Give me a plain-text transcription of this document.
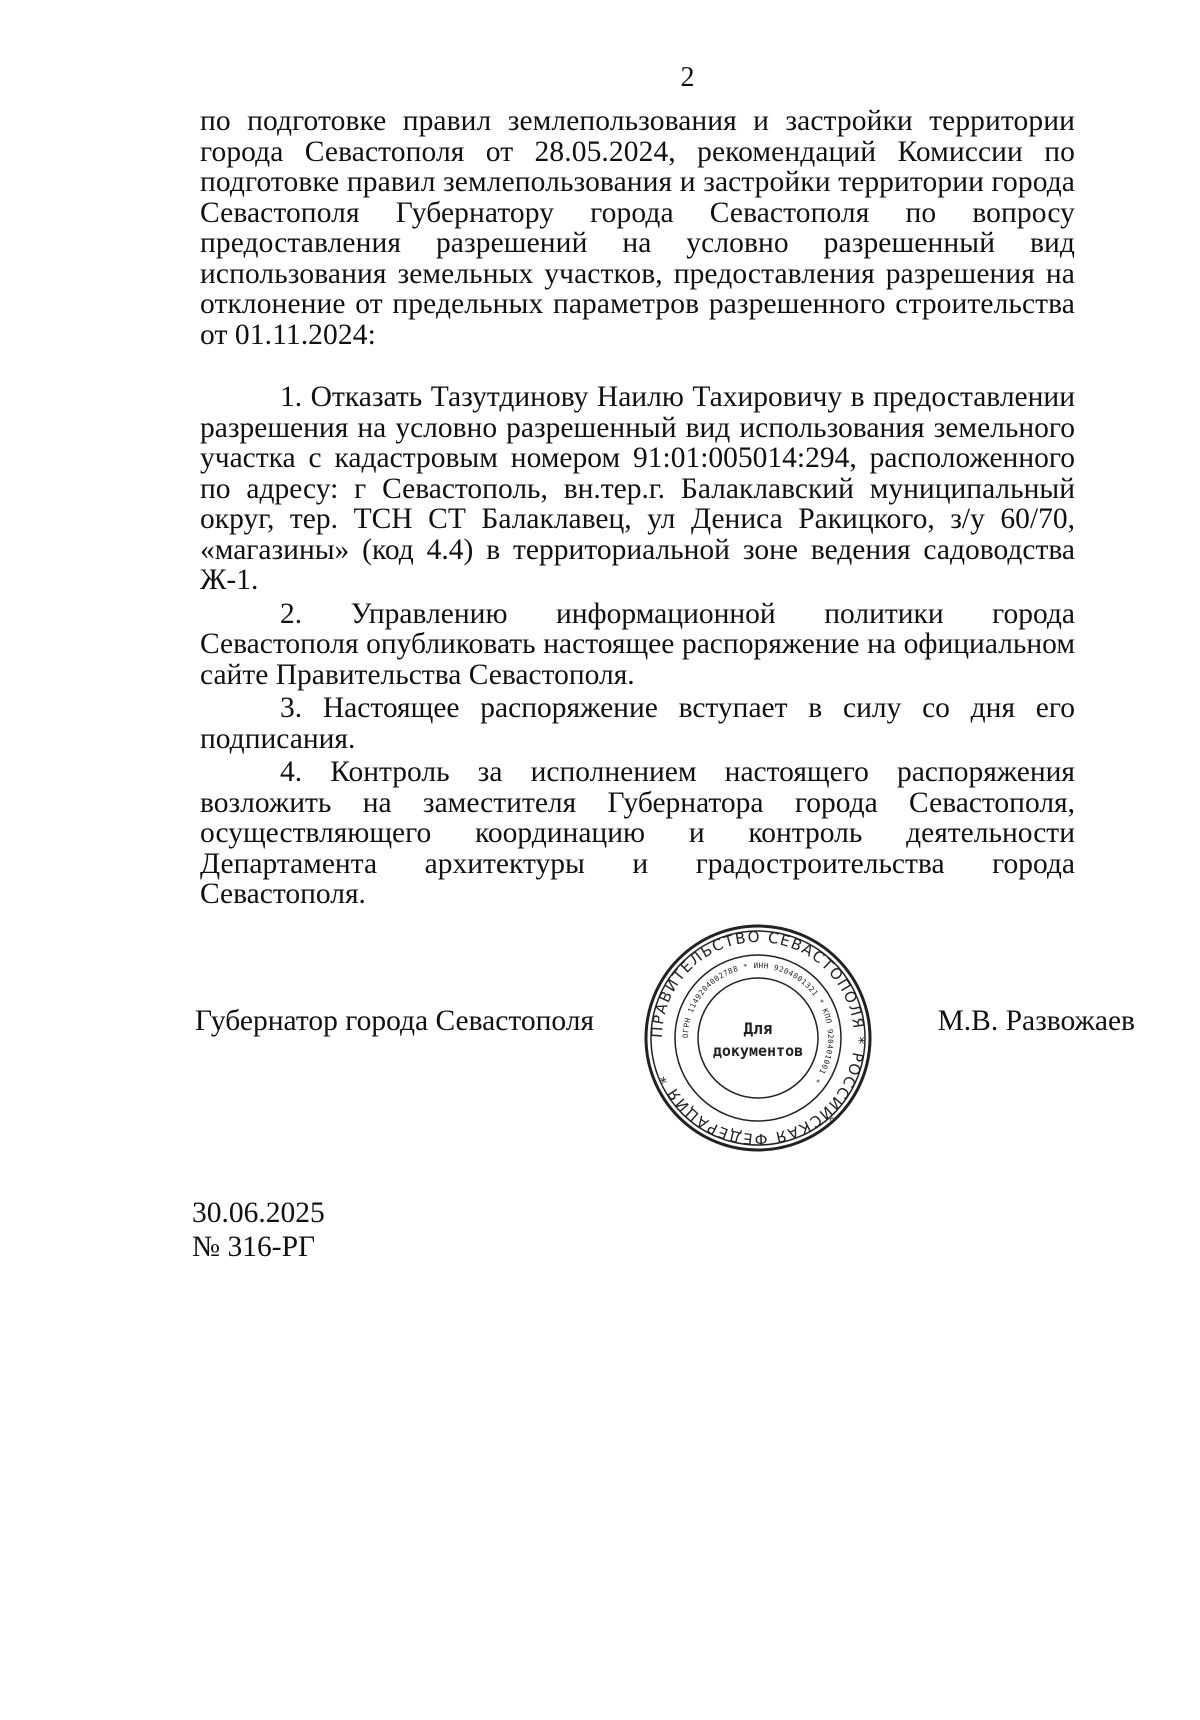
2

по подготовке правил землепользования и застройки территории города Севастополя от 28.05.2024, рекомендаций Комиссии по подготовке правил землепользования и застройки территории города Севастополя Губернатору города Севастополя по вопросу предоставления разрешений на условно разрешенный вид использования земельных участков, предоставления разрешения на отклонение от предельных параметров разрешенного строительства от 01.11.2024:

1. Отказать Тазутдинову Наилю Тахировичу в предоставлении разрешения на условно разрешенный вид использования земельного участка с кадастровым номером 91:01:005014:294, расположенного по адресу: г Севастополь, вн.тер.г. Балаклавский муниципальный округ, тер. ТСН СТ Балаклавец, ул Дениса Ракицкого, з/у 60/70, «магазины» (код 4.4) в территориальной зоне ведения садоводства Ж-1.

2. Управлению информационной политики города Севастополя опубликовать настоящее распоряжение на официальном сайте Правительства Севастополя.

3. Настоящее распоряжение вступает в силу со дня его подписания.

4. Контроль за исполнением настоящего распоряжения возложить на заместителя Губернатора города Севастополя, осуществляющего координацию и контроль деятельности Департамента архитектуры и градостроительства города Севастополя.

Губернатор города Севастополя	М.В. Развожаев
ПРАВИТЕЛЬСТВО СЕВАСТОПОЛЯ * РОССИЙСКАЯ ФЕДЕРАЦИЯ *
ОГРН 1149204002788 * ИНН 9204001321 * КПП 920401001 *
Для
документов
30.06.2025
№ 316-РГ
